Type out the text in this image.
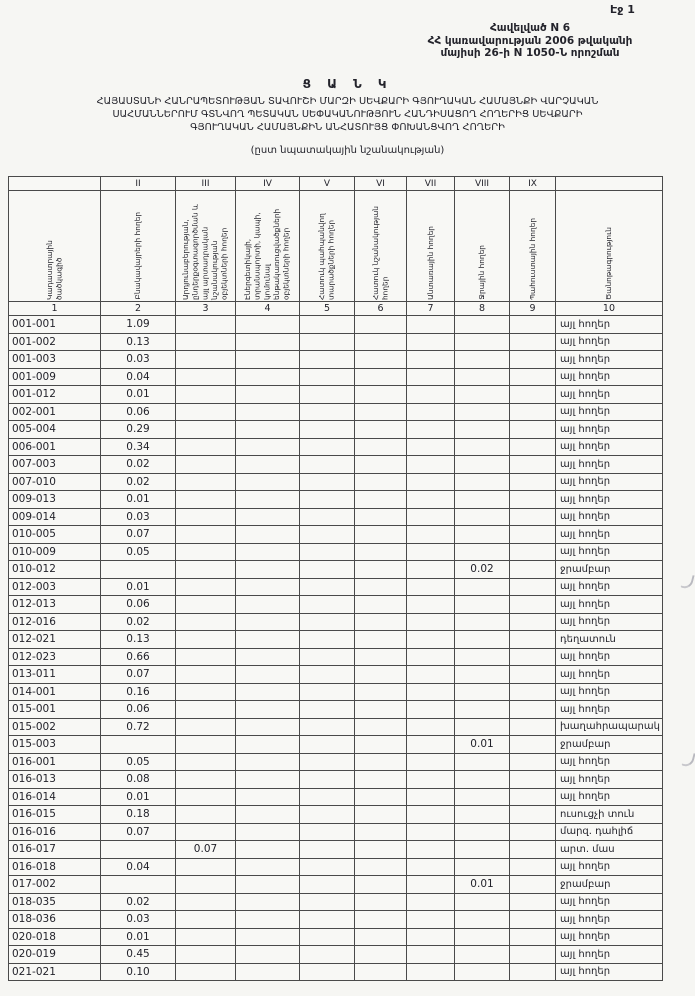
Էջ 1
Հավելված N 6
ՀՀ կառավարության 2006 թվականի
մայիսի 26-ի N 1050-Ն որոշման
Ց Ա Ն Կ
ՀԱՅԱՍՏԱՆԻ ՀԱՆՐԱՊԵՏՈՒԹՅԱՆ ՏԱՎՈՒՇԻ ՄԱՐԶԻ ՍԵՎՔԱՐԻ ԳՅՈՒՂԱԿԱՆ ՀԱՄԱՅՆՔԻ ՎԱՐՉԱԿԱՆ
ՍԱՀՄԱՆՆԵՐՈՒՄ ԳՏՆՎՈՂ ՊԵՏԱԿԱՆ ՍԵՓԱԿԱՆՈՒԹՅՈՒՆ ՀԱՆԴԻՍԱՑՈՂ ՀՈՂԵՐԻՑ ՍԵՎՔԱՐԻ
ԳՅՈՒՂԱԿԱՆ ՀԱՄԱՅՆՔԻՆ ԱՆՀԱՏՈՒՅՑ ՓՈԽԱՆՑՎՈՂ ՀՈՂԵՐԻ
(ըստ նպատակային նշանակության)
	II	III	IV	V	VI	VII	VIII	IX	

Կադաստրային ծածկագիծ	Բնակավայրերի հողեր	Արդյունաբերության, ընդերքօգտագործման և այլ արտադրական նշանակության օբյեկտների հողեր	Էներգետիկայի, տրանսպորտի, կապի, կոմունալ ենթակառուցվածքների օբյեկտների հողեր	Հատուկ պահպանվող տարածքների հողեր	Հատուկ նշանակության հողեր	Անտառային հողեր	Ջրային հողեր	Պահուստային հողեր	Ծանոթագրություն

1	2	3	4	5	6	7	8	9	10
001-001	1.09								այլ հողեր
001-002	0.13								այլ հողեր
001-003	0.03								այլ հողեր
001-009	0.04								այլ հողեր
001-012	0.01								այլ հողեր
002-001	0.06								այլ հողեր
005-004	0.29								այլ հողեր
006-001	0.34								այլ հողեր
007-003	0.02								այլ հողեր
007-010	0.02								այլ հողեր
009-013	0.01								այլ հողեր
009-014	0.03								այլ հողեր
010-005	0.07								այլ հողեր
010-009	0.05								այլ հողեր
010-012							0.02		ջրամբար
012-003	0.01								այլ հողեր
012-013	0.06								այլ հողեր
012-016	0.02								այլ հողեր
012-021	0.13								դեղատուն
012-023	0.66								այլ հողեր
013-011	0.07								այլ հողեր
014-001	0.16								այլ հողեր
015-001	0.06								այլ հողեր
015-002	0.72								խաղահրապարակ
015-003							0.01		ջրամբար
016-001	0.05								այլ հողեր
016-013	0.08								այլ հողեր
016-014	0.01								այլ հողեր
016-015	0.18								ուսուցչի տուն
016-016	0.07								մարզ. դահլիճ
016-017		0.07							արտ. մաս
016-018	0.04								այլ հողեր
017-002							0.01		ջրամբար
018-035	0.02								այլ հողեր
018-036	0.03								այլ հողեր
020-018	0.01								այլ հողեր
020-019	0.45								այլ հողեր
021-021	0.10								այլ հողեր
